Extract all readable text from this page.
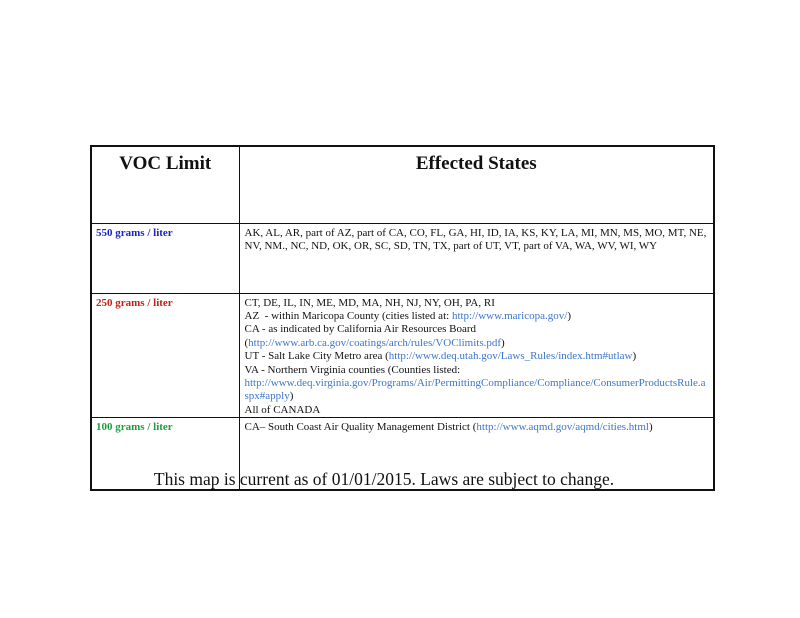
VOC Limit	Effected States
550 grams / liter	AK, AL, AR, part of AZ, part of CA, CO, FL, GA, HI, ID, IA, KS, KY, LA, MI, MN, MS, MO, MT, NE, NV, NM., NC, ND, OK, OR, SC, SD, TN, TX, part of UT, VT, part of VA, WA, WV, WI, WY

250 grams / liter	CT, DE, IL, IN, ME, MD, MA, NH, NJ, NY, OH, PA, RI
AZ  - within Maricopa County (cities listed at: http://www.maricopa.gov/)
CA - as indicated by California Air Resources Board (http://www.arb.ca.gov/coatings/arch/rules/VOClimits.pdf)
UT - Salt Lake City Metro area (http://www.deq.utah.gov/Laws_Rules/index.htm#utlaw)
VA - Northern Virginia counties (Counties listed: http://www.deq.virginia.gov/Programs/Air/PermittingCompliance/Compliance/ConsumerProductsRule.aspx#apply)
All of CANADA

100 grams / liter	CA– South Coast Air Quality Management District (http://www.aqmd.gov/aqmd/cities.html)
This map is current as of 01/01/2015. Laws are subject to change.
